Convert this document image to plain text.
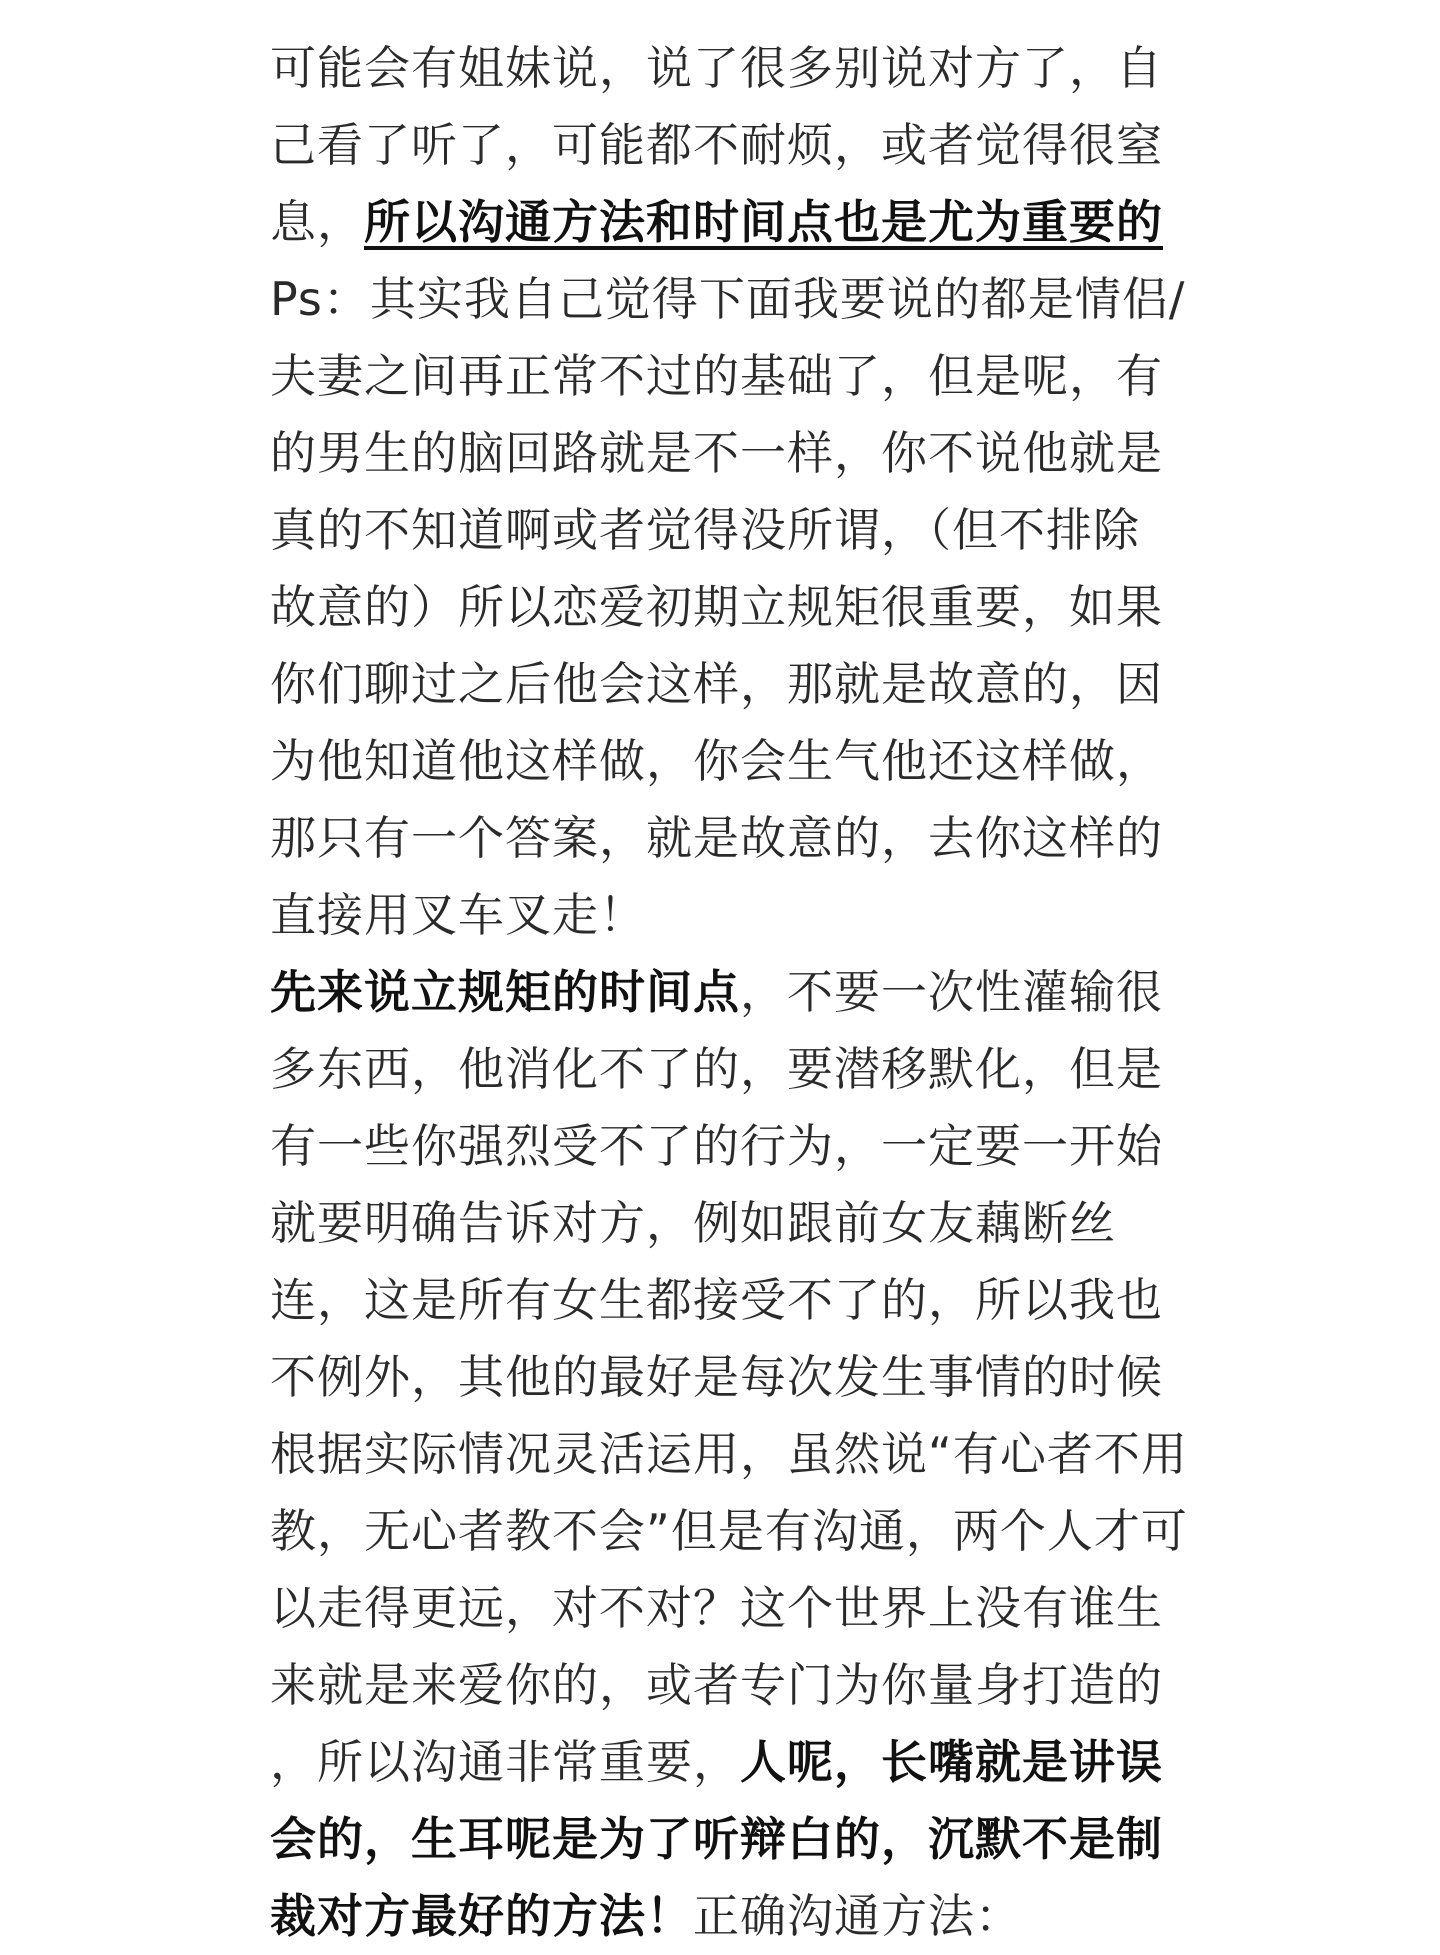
可能会有姐妹说，说了很多别说对方了，自
己看了听了，可能都不耐烦，或者觉得很窒
息，所以沟通方法和时间点也是尤为重要的
Ps：其实我自己觉得下面我要说的都是情侣/
夫妻之间再正常不过的基础了，但是呢，有
的男生的脑回路就是不一样，你不说他就是
真的不知道啊或者觉得没所谓，（但不排除
故意的）所以恋爱初期立规矩很重要，如果
你们聊过之后他会这样，那就是故意的，因
为他知道他这样做，你会生气他还这样做，
那只有一个答案，就是故意的，去你这样的
直接用叉车叉走！
先来说立规矩的时间点，不要一次性灌输很
多东西，他消化不了的，要潜移默化，但是
有一些你强烈受不了的行为，一定要一开始
就要明确告诉对方，例如跟前女友藕断丝
连，这是所有女生都接受不了的，所以我也
不例外，其他的最好是每次发生事情的时候
根据实际情况灵活运用，虽然说“有心者不用
教，无心者教不会”但是有沟通，两个人才可
以走得更远，对不对？这个世界上没有谁生
来就是来爱你的，或者专门为你量身打造的
，所以沟通非常重要，人呢，长嘴就是讲误
会的，生耳呢是为了听辩白的，沉默不是制
裁对方最好的方法！正确沟通方法：
